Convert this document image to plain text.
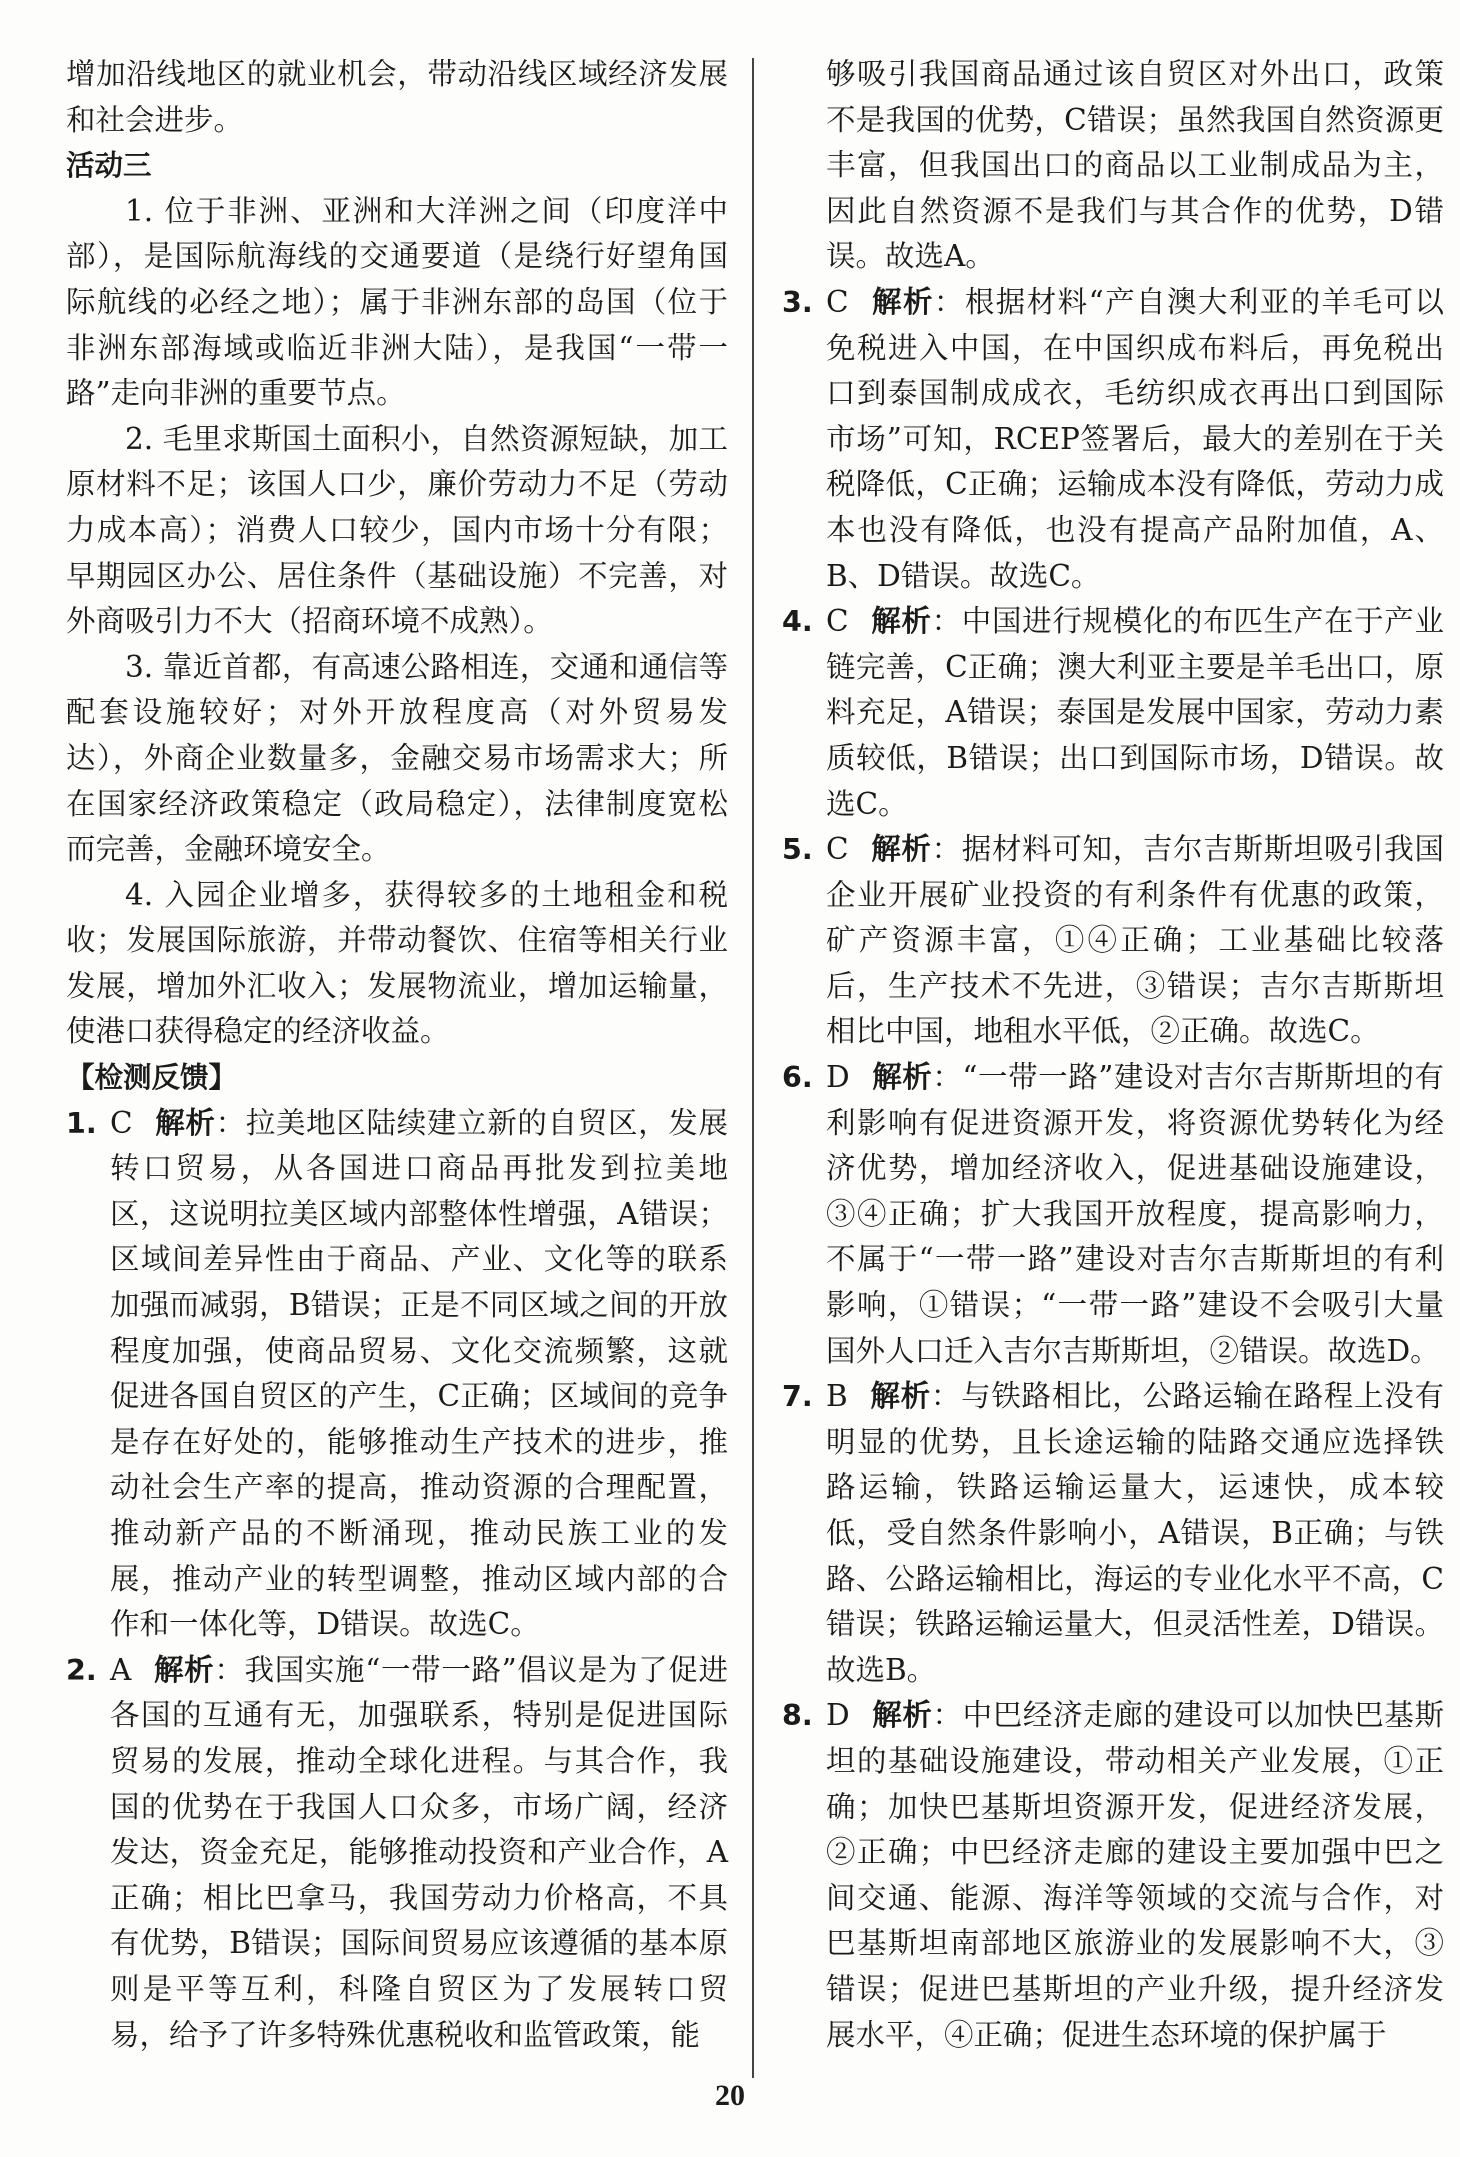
增加沿线地区的就业机会，带动沿线区域经济发展和社会进步。

活动三

1. 位于非洲、亚洲和大洋洲之间（印度洋中部），是国际航海线的交通要道（是绕行好望角国际航线的必经之地）；属于非洲东部的岛国（位于非洲东部海域或临近非洲大陆），是我国“一带一路”走向非洲的重要节点。

2. 毛里求斯国土面积小，自然资源短缺，加工原材料不足；该国人口少，廉价劳动力不足（劳动力成本高）；消费人口较少，国内市场十分有限；早期园区办公、居住条件（基础设施）不完善，对外商吸引力不大（招商环境不成熟）。

3. 靠近首都，有高速公路相连，交通和通信等配套设施较好；对外开放程度高（对外贸易发达），外商企业数量多，金融交易市场需求大；所在国家经济政策稳定（政局稳定），法律制度宽松而完善，金融环境安全。

4. 入园企业增多，获得较多的土地租金和税收；发展国际旅游，并带动餐饮、住宿等相关行业发展，增加外汇收入；发展物流业，增加运输量，使港口获得稳定的经济收益。

【检测反馈】

1. C 解析：拉美地区陆续建立新的自贸区，发展转口贸易，从各国进口商品再批发到拉美地区，这说明拉美区域内部整体性增强，A错误；区域间差异性由于商品、产业、文化等的联系加强而减弱，B错误；正是不同区域之间的开放程度加强，使商品贸易、文化交流频繁，这就促进各国自贸区的产生，C正确；区域间的竞争是存在好处的，能够推动生产技术的进步，推动社会生产率的提高，推动资源的合理配置，推动新产品的不断涌现，推动民族工业的发展，推动产业的转型调整，推动区域内部的合作和一体化等，D错误。故选C。
2. A 解析：我国实施“一带一路”倡议是为了促进各国的互通有无，加强联系，特别是促进国际贸易的发展，推动全球化进程。与其合作，我国的优势在于我国人口众多，市场广阔，经济发达，资金充足，能够推动投资和产业合作，A正确；相比巴拿马，我国劳动力价格高，不具有优势，B错误；国际间贸易应该遵循的基本原则是平等互利，科隆自贸区为了发展转口贸易，给予了许多特殊优惠税收和监管政策，能
够吸引我国商品通过该自贸区对外出口，政策不是我国的优势，C错误；虽然我国自然资源更丰富，但我国出口的商品以工业制成品为主，因此自然资源不是我们与其合作的优势，D错误。故选A。
3. C 解析：根据材料“产自澳大利亚的羊毛可以免税进入中国，在中国织成布料后，再免税出口到泰国制成成衣，毛纺织成衣再出口到国际市场”可知，RCEP签署后，最大的差别在于关税降低，C正确；运输成本没有降低，劳动力成本也没有降低，也没有提高产品附加值，A、B、D错误。故选C。
4. C 解析：中国进行规模化的布匹生产在于产业链完善，C正确；澳大利亚主要是羊毛出口，原料充足，A错误；泰国是发展中国家，劳动力素质较低，B错误；出口到国际市场，D错误。故选C。
5. C 解析：据材料可知，吉尔吉斯斯坦吸引我国企业开展矿业投资的有利条件有优惠的政策，矿产资源丰富，①④正确；工业基础比较落后，生产技术不先进，③错误；吉尔吉斯斯坦相比中国，地租水平低，②正确。故选C。
6. D 解析：“一带一路”建设对吉尔吉斯斯坦的有利影响有促进资源开发，将资源优势转化为经济优势，增加经济收入，促进基础设施建设，③④正确；扩大我国开放程度，提高影响力，不属于“一带一路”建设对吉尔吉斯斯坦的有利影响，①错误；“一带一路”建设不会吸引大量国外人口迁入吉尔吉斯斯坦，②错误。故选D。
7. B 解析：与铁路相比，公路运输在路程上没有明显的优势，且长途运输的陆路交通应选择铁路运输，铁路运输运量大，运速快，成本较低，受自然条件影响小，A错误，B正确；与铁路、公路运输相比，海运的专业化水平不高，C错误；铁路运输运量大，但灵活性差，D错误。故选B。
8. D 解析：中巴经济走廊的建设可以加快巴基斯坦的基础设施建设，带动相关产业发展，①正确；加快巴基斯坦资源开发，促进经济发展，②正确；中巴经济走廊的建设主要加强中巴之间交通、能源、海洋等领域的交流与合作，对巴基斯坦南部地区旅游业的发展影响不大，③错误；促进巴基斯坦的产业升级，提升经济发展水平，④正确；促进生态环境的保护属于
20
